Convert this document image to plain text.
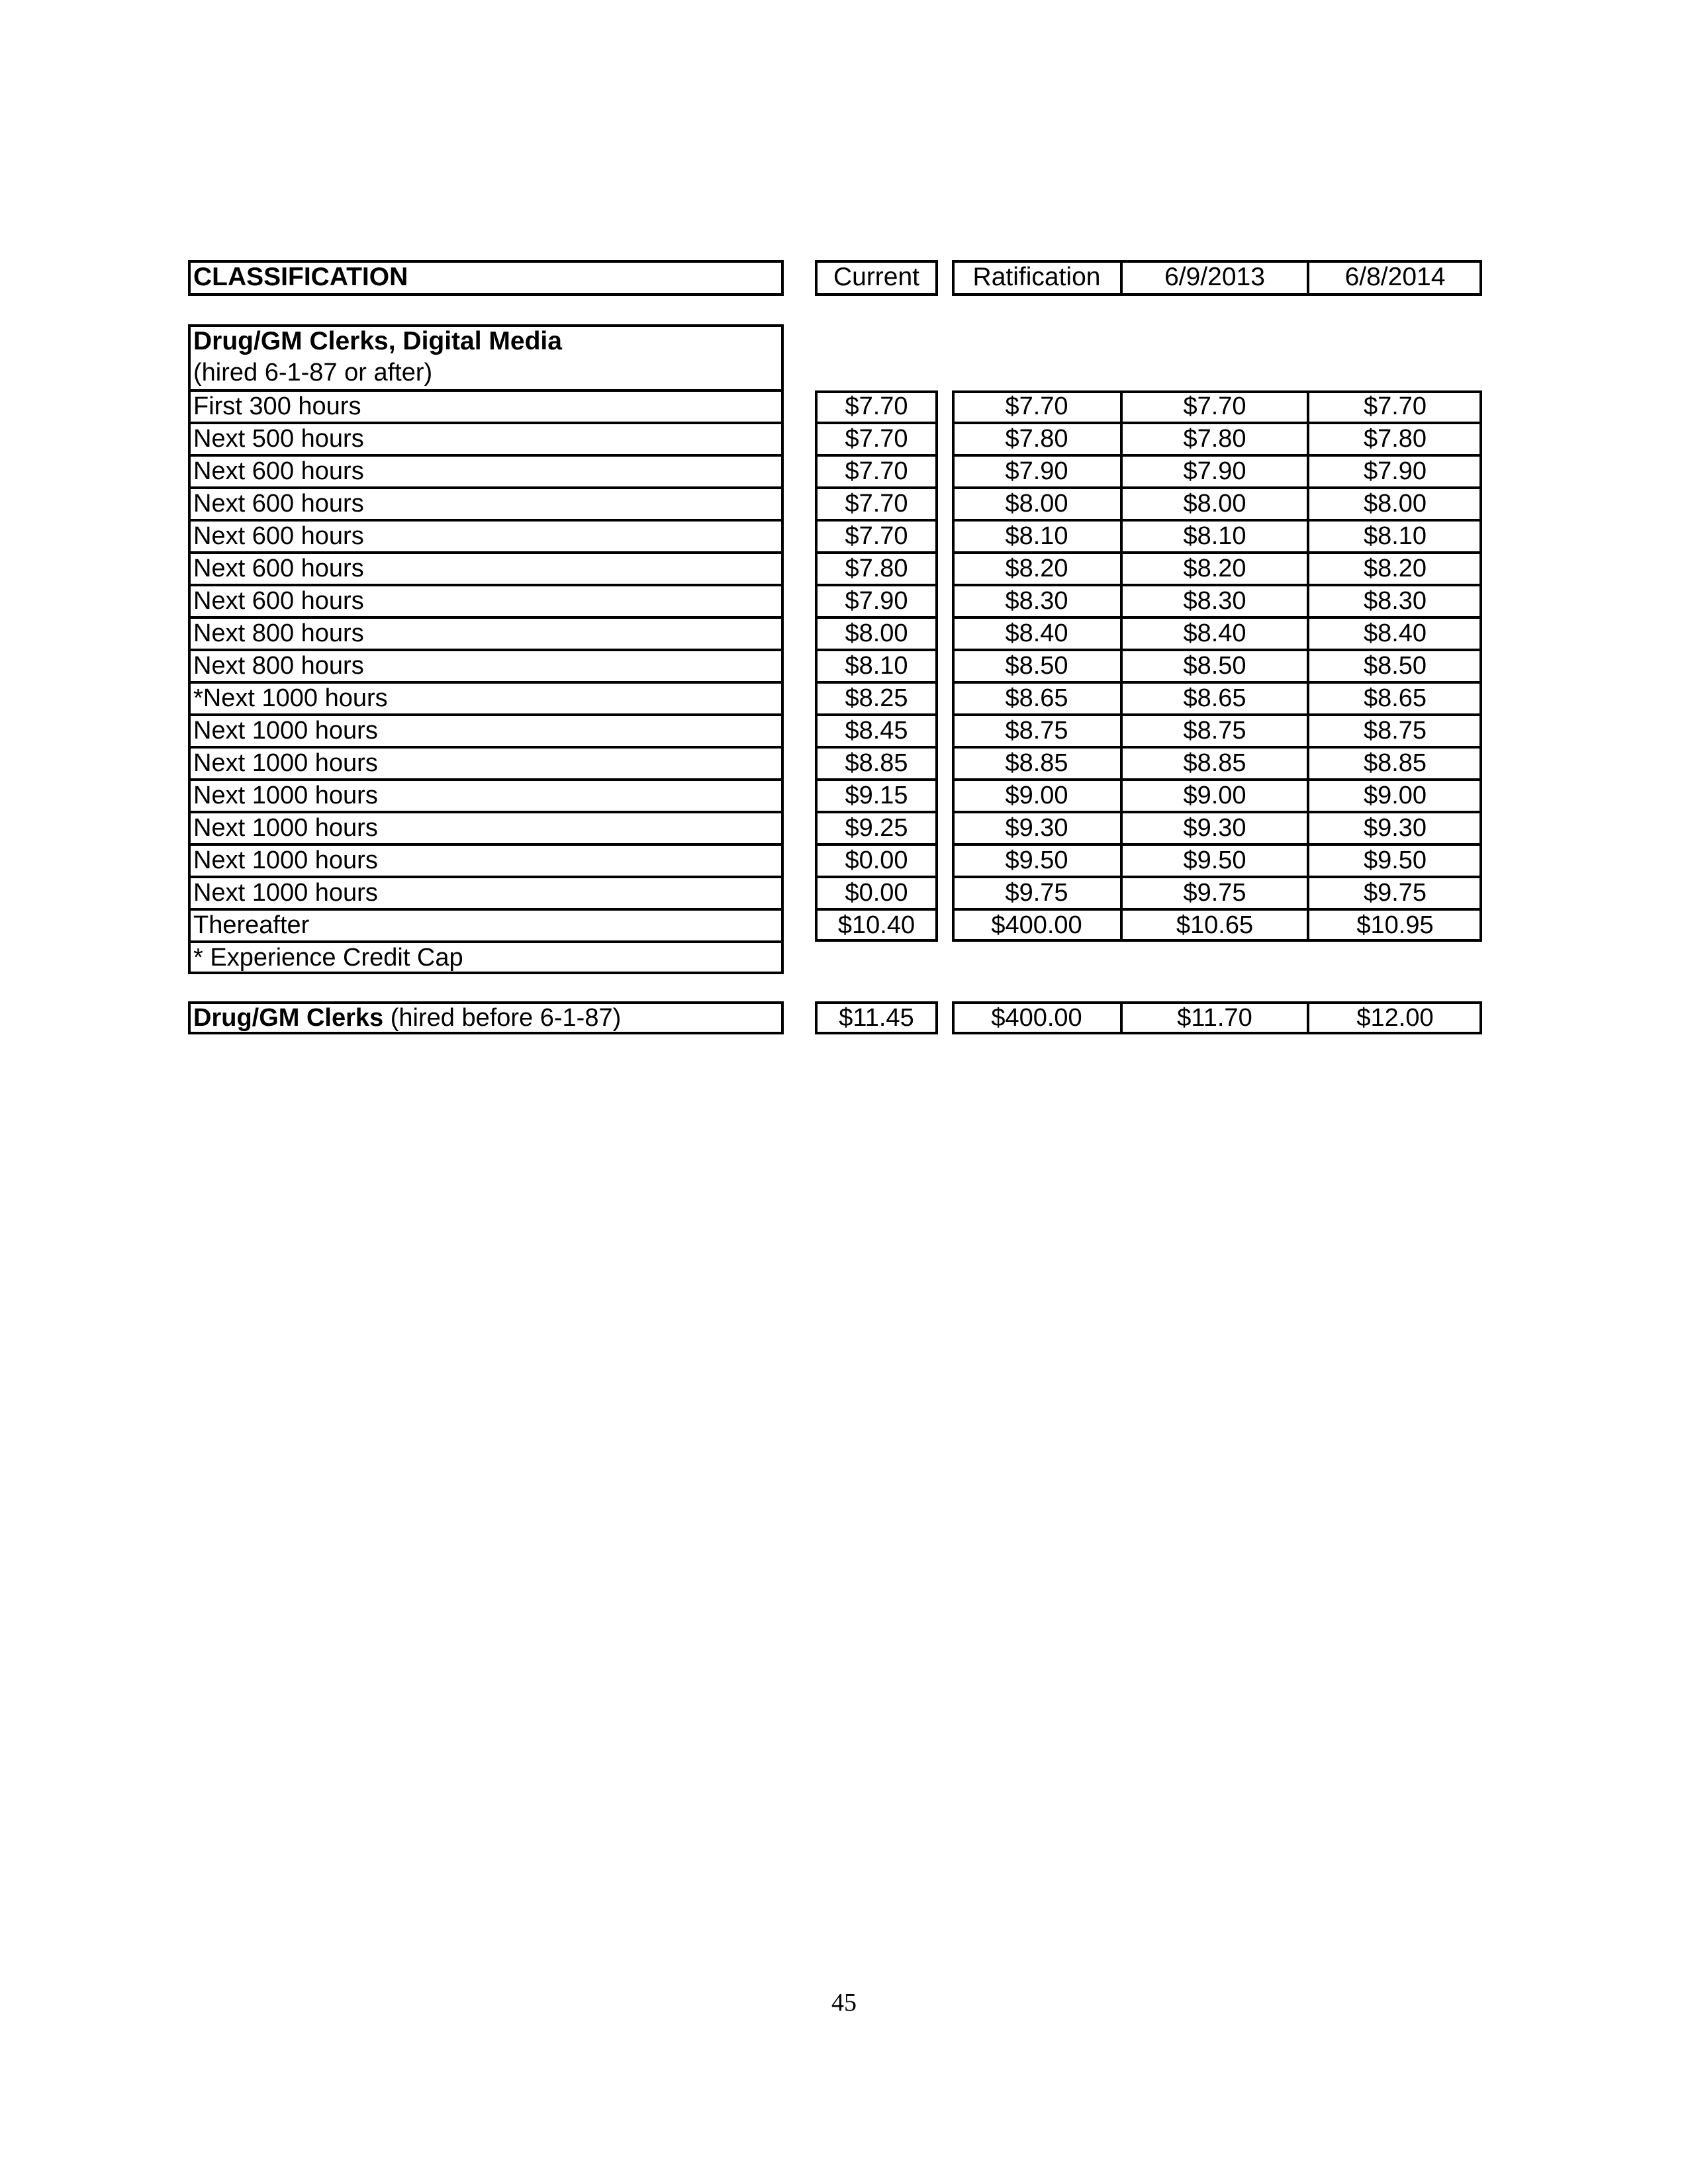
45
CLASSIFICATION	Current	Ratification	6/9/2013	6/8/2014
Drug/GM Clerks, Digital Media
(hired 6-1-87 or after)
First 300 hours	$7.70	$7.70	$7.70	$7.70
Next 500 hours	$7.70	$7.80	$7.80	$7.80
Next 600 hours	$7.70	$7.90	$7.90	$7.90
Next 600 hours	$7.70	$8.00	$8.00	$8.00
Next 600 hours	$7.70	$8.10	$8.10	$8.10
Next 600 hours	$7.80	$8.20	$8.20	$8.20
Next 600 hours	$7.90	$8.30	$8.30	$8.30
Next 800 hours	$8.00	$8.40	$8.40	$8.40
Next 800 hours	$8.10	$8.50	$8.50	$8.50
*Next 1000 hours	$8.25	$8.65	$8.65	$8.65
Next 1000 hours	$8.45	$8.75	$8.75	$8.75
Next 1000 hours	$8.85	$8.85	$8.85	$8.85
Next 1000 hours	$9.15	$9.00	$9.00	$9.00
Next 1000 hours	$9.25	$9.30	$9.30	$9.30
Next 1000 hours	$0.00	$9.50	$9.50	$9.50
Next 1000 hours	$0.00	$9.75	$9.75	$9.75
Thereafter	$10.40	$400.00	$10.65	$10.95
* Experience Credit Cap
Drug/GM Clerks (hired before 6-1-87)	$11.45	$400.00	$11.70	$12.00
